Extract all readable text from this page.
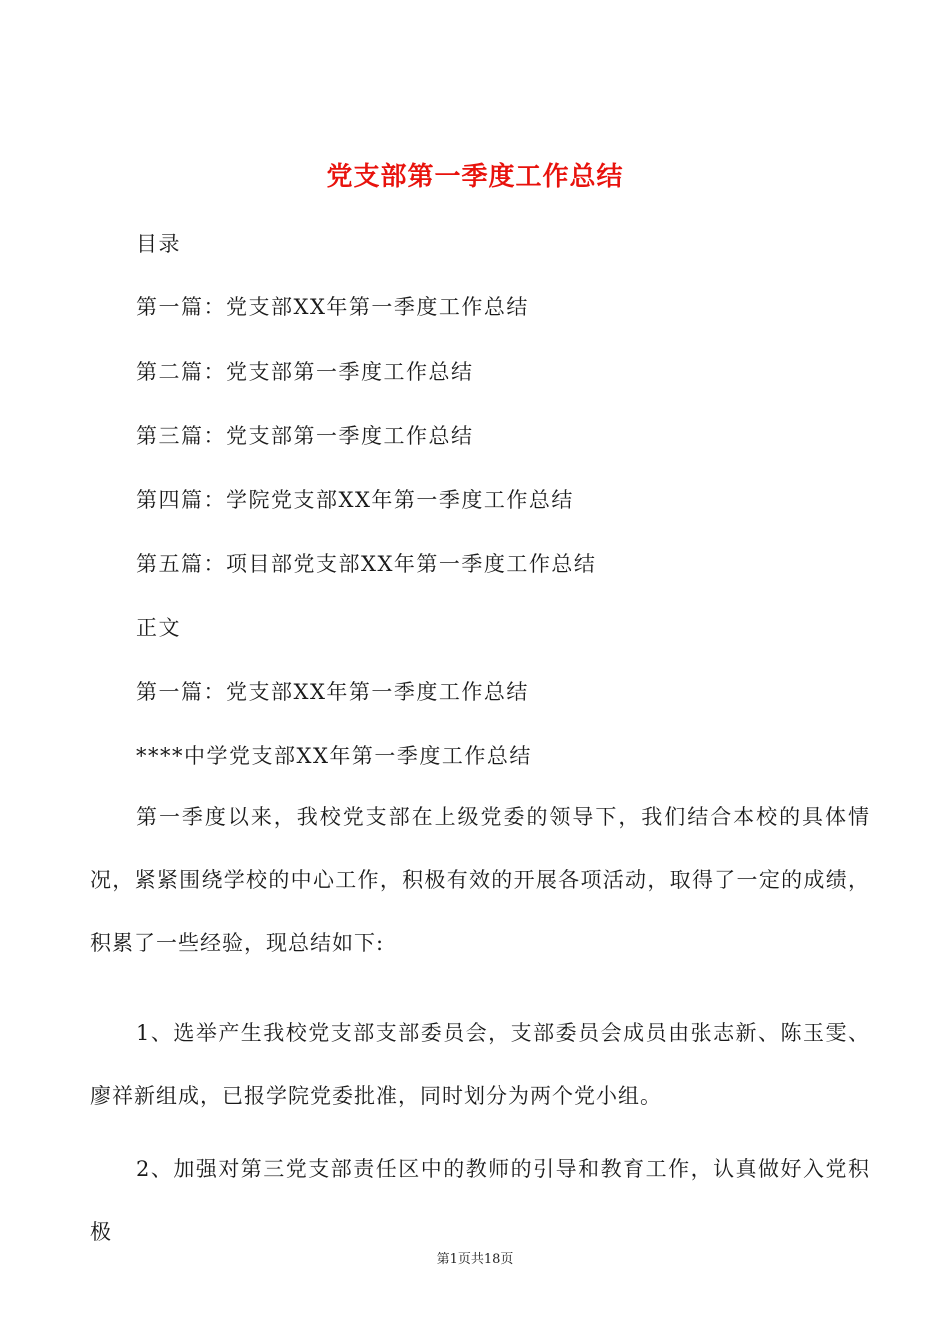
党支部第一季度工作总结
目录
第一篇：党支部XX年第一季度工作总结
第二篇：党支部第一季度工作总结
第三篇：党支部第一季度工作总结
第四篇：学院党支部XX年第一季度工作总结
第五篇：项目部党支部XX年第一季度工作总结
正文
第一篇：党支部XX年第一季度工作总结
****中学党支部XX年第一季度工作总结
第一季度以来，我校党支部在上级党委的领导下，我们结合本校的具体情况，紧紧围绕学校的中心工作，积极有效的开展各项活动，取得了一定的成绩，积累了一些经验，现总结如下:
1、选举产生我校党支部支部委员会，支部委员会成员由张志新、陈玉雯、廖祥新组成，已报学院党委批准，同时划分为两个党小组。
2、加强对第三党支部责任区中的教师的引导和教育工作，认真做好入党积极
第1页共18页
